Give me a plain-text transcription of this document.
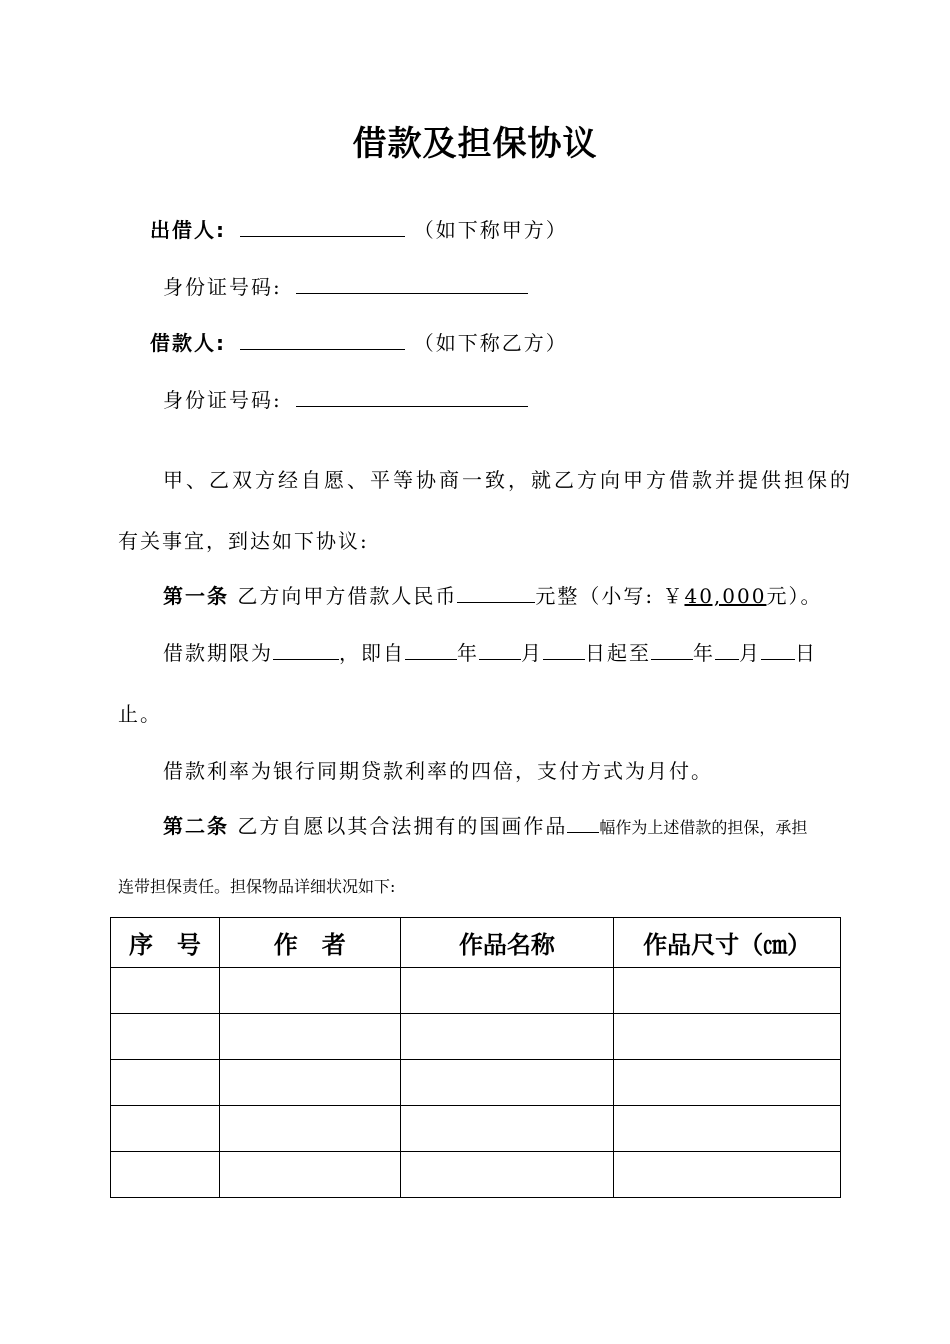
借款及担保协议
出借人:	（如下称甲方）
身份证号码:
借款人:	（如下称乙方）
身份证号码:
甲、乙双方经自愿、平等协商一致，就乙方向甲方借款并提供担保的
有关事宜，到达如下协议:
第一条 乙方向甲方借款人民币	元整（小写: ￥40,000元）。
借款期限为	，即自	年 月 日起至 年 月 日
止。
借款利率为银行同期贷款利率的四倍，支付方式为月付。
第二条 乙方自愿以其合法拥有的国画作品 幅作为上述借款的担保，承担
连带担保责任。担保物品详细状况如下:
序　号	作　者	作品名称	作品尺寸（㎝）
